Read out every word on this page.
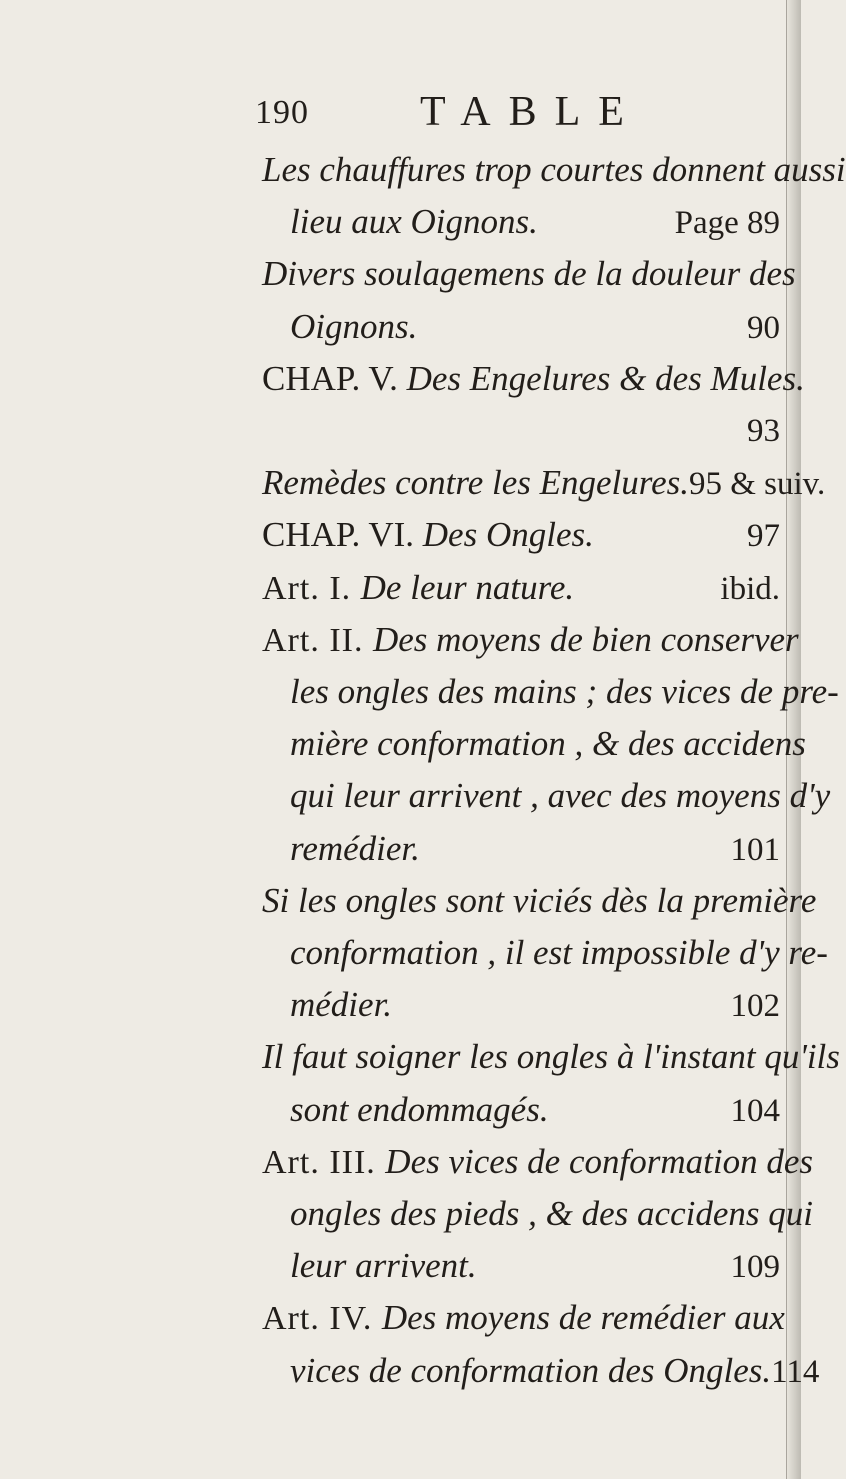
190	TABLE
Les chauffures trop courtes donnent aussi
lieu aux Oignons.	Page 89
Divers soulagemens de la douleur des
Oignons.	90
CHAP. V. Des Engelures & des Mules.
93
Remèdes contre les Engelures. 95 & suiv.
CHAP. VI. Des Ongles.	97
Art. I. De leur nature.	ibid.
Art. II. Des moyens de bien conserver
les ongles des mains ; des vices de pre-
mière conformation , & des accidens
qui leur arrivent , avec des moyens d'y
remédier.	101
Si les ongles sont viciés dès la première
conformation , il est impossible d'y re-
médier.	102
Il faut soigner les ongles à l'instant qu'ils
sont endommagés.	104
Art. III. Des vices de conformation des
ongles des pieds , & des accidens qui
leur arrivent.	109
Art. IV. Des moyens de remédier aux
vices de conformation des Ongles. 114
